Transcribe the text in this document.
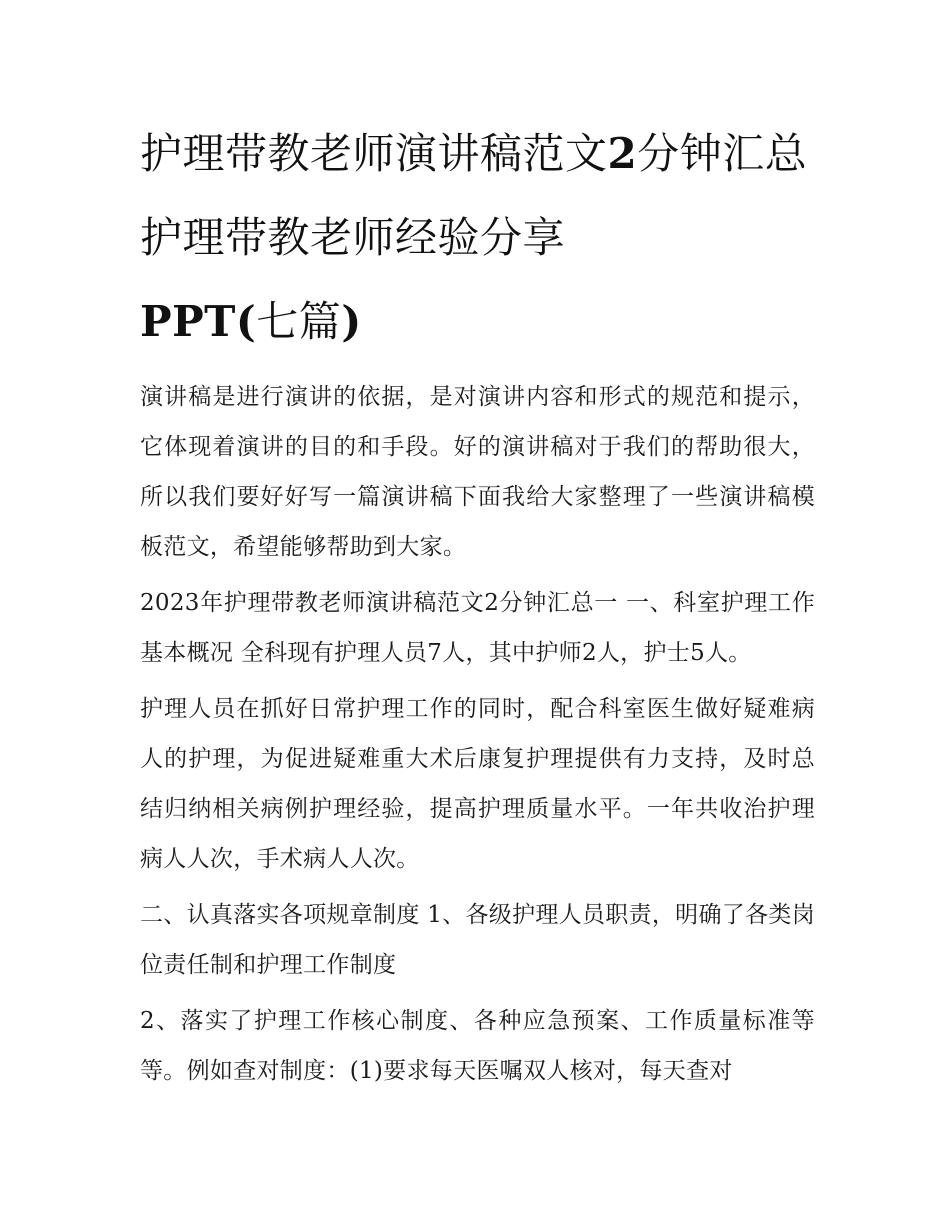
护理带教老师演讲稿范文2分钟汇总 护理带教老师经验分享
PPT(七篇)

演讲稿是进行演讲的依据，是对演讲内容和形式的规范和提示，它体现着演讲的目的和手段。好的演讲稿对于我们的帮助很大，所以我们要好好写一篇演讲稿下面我给大家整理了一些演讲稿模板范文，希望能够帮助到大家。

2023年护理带教老师演讲稿范文2分钟汇总一 一、科室护理工作基本概况 全科现有护理人员7人，其中护师2人，护士5人。

护理人员在抓好日常护理工作的同时，配合科室医生做好疑难病人的护理，为促进疑难重大术后康复护理提供有力支持，及时总结归纳相关病例护理经验，提高护理质量水平。一年共收治护理病人人次，手术病人人次。

二、认真落实各项规章制度 1、各级护理人员职责，明确了各类岗位责任制和护理工作制度

2、落实了护理工作核心制度、各种应急预案、工作质量标准等等。例如查对制度：(1)要求每天医嘱双人核对，每天查对
